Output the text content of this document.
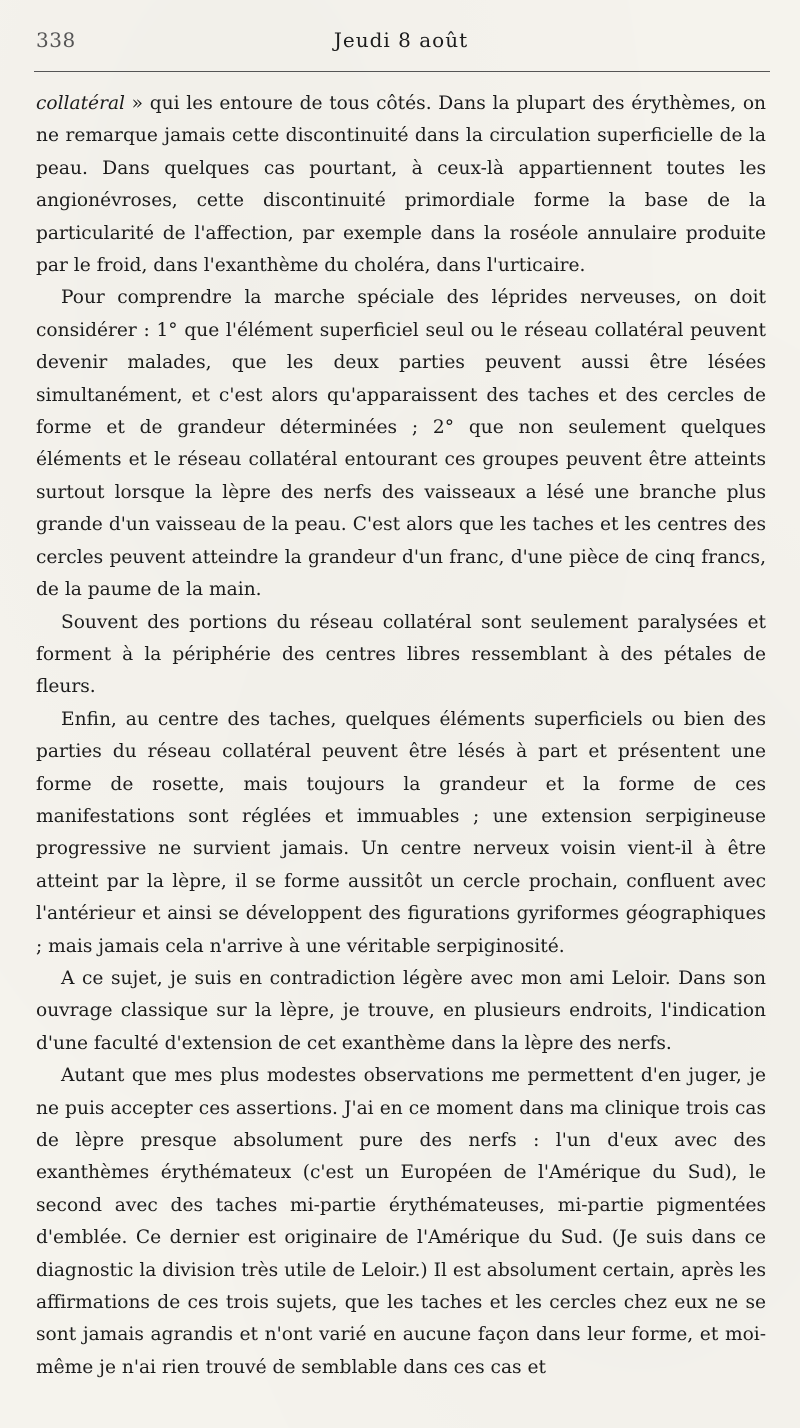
338	Jeudi 8 août

collatéral » qui les entoure de tous côtés. Dans la plupart des érythèmes, on ne remarque jamais cette discontinuité dans la circulation superficielle de la peau. Dans quelques cas pourtant, à ceux-là appartiennent toutes les angionévroses, cette discontinuité primordiale forme la base de la particularité de l'affection, par exemple dans la roséole annulaire produite par le froid, dans l'exanthème du choléra, dans l'urticaire.

Pour comprendre la marche spéciale des léprides nerveuses, on doit considérer : 1° que l'élément superficiel seul ou le réseau collatéral peuvent devenir malades, que les deux parties peuvent aussi être lésées simultanément, et c'est alors qu'apparaissent des taches et des cercles de forme et de grandeur déterminées ; 2° que non seulement quelques éléments et le réseau collatéral entourant ces groupes peuvent être atteints surtout lorsque la lèpre des nerfs des vaisseaux a lésé une branche plus grande d'un vaisseau de la peau. C'est alors que les taches et les centres des cercles peuvent atteindre la grandeur d'un franc, d'une pièce de cinq francs, de la paume de la main.

Souvent des portions du réseau collatéral sont seulement paralysées et forment à la périphérie des centres libres ressemblant à des pétales de fleurs.

Enfin, au centre des taches, quelques éléments superficiels ou bien des parties du réseau collatéral peuvent être lésés à part et présentent une forme de rosette, mais toujours la grandeur et la forme de ces manifestations sont réglées et immuables ; une extension serpigineuse progressive ne survient jamais. Un centre nerveux voisin vient-il à être atteint par la lèpre, il se forme aussitôt un cercle prochain, confluent avec l'antérieur et ainsi se développent des figurations gyriformes géographiques ; mais jamais cela n'arrive à une véritable serpiginosité.

A ce sujet, je suis en contradiction légère avec mon ami Leloir. Dans son ouvrage classique sur la lèpre, je trouve, en plusieurs endroits, l'indication d'une faculté d'extension de cet exanthème dans la lèpre des nerfs.

Autant que mes plus modestes observations me permettent d'en juger, je ne puis accepter ces assertions. J'ai en ce moment dans ma clinique trois cas de lèpre presque absolument pure des nerfs : l'un d'eux avec des exanthèmes érythémateux (c'est un Européen de l'Amérique du Sud), le second avec des taches mi-partie érythémateuses, mi-partie pigmentées d'emblée. Ce dernier est originaire de l'Amérique du Sud. (Je suis dans ce diagnostic la division très utile de Leloir.) Il est absolument certain, après les affirmations de ces trois sujets, que les taches et les cercles chez eux ne se sont jamais agrandis et n'ont varié en aucune façon dans leur forme, et moi-même je n'ai rien trouvé de semblable dans ces cas et
